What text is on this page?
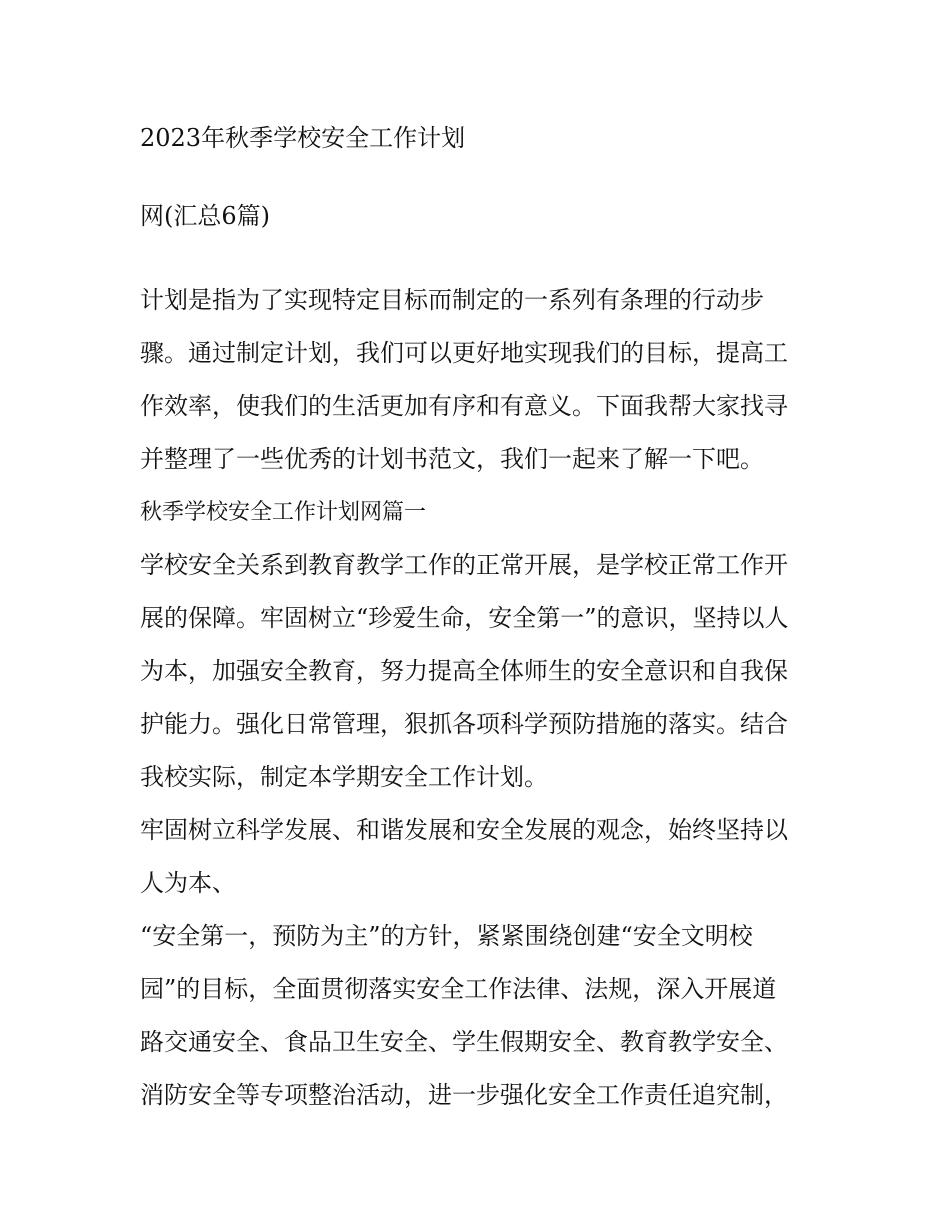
2023年秋季学校安全工作计划
网(汇总6篇)
计划是指为了实现特定目标而制定的一系列有条理的行动步
骤。通过制定计划，我们可以更好地实现我们的目标，提高工
作效率，使我们的生活更加有序和有意义。下面我帮大家找寻
并整理了一些优秀的计划书范文，我们一起来了解一下吧。
秋季学校安全工作计划网篇一
学校安全关系到教育教学工作的正常开展，是学校正常工作开
展的保障。牢固树立“珍爱生命，安全第一”的意识，坚持以人
为本，加强安全教育，努力提高全体师生的安全意识和自我保
护能力。强化日常管理，狠抓各项科学预防措施的落实。结合
我校实际，制定本学期安全工作计划。
牢固树立科学发展、和谐发展和安全发展的观念，始终坚持以
人为本、
“安全第一，预防为主”的方针，紧紧围绕创建“安全文明校
园”的目标，全面贯彻落实安全工作法律、法规，深入开展道
路交通安全、食品卫生安全、学生假期安全、教育教学安全、
消防安全等专项整治活动，进一步强化安全工作责任追究制，
